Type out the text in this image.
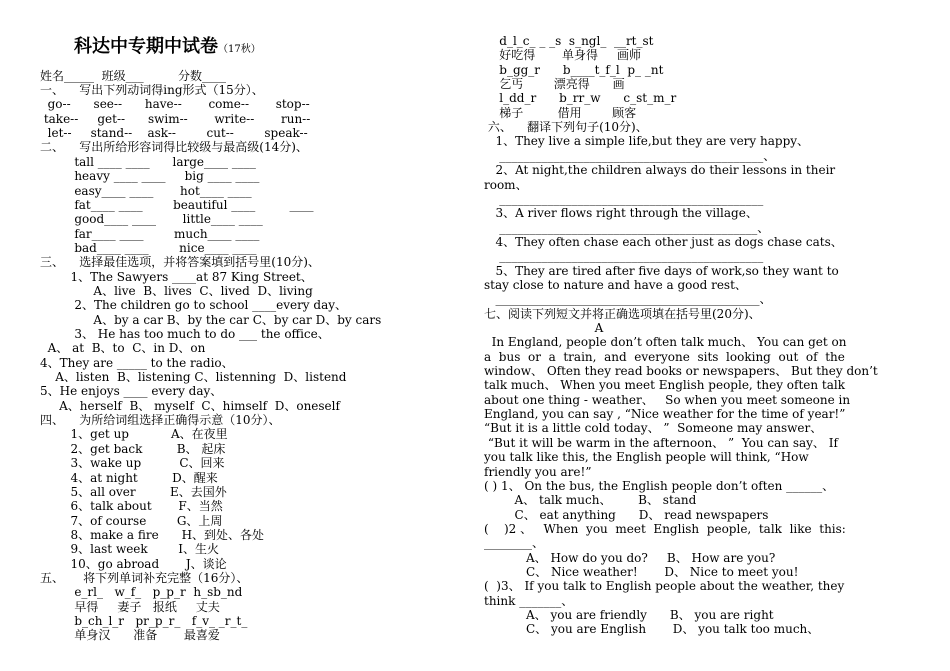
科达中专期中试卷（17秋）
姓名_____  班级___         分数____
一、    写出下列动词得ing形式（15分）、
go--      see--      have--       come--       stop--
take--     get--      swim--       write--       run--
let--     stand--    ask--        cut--        speak--
二、    写出所给形容词得比较级与最高级(14分)、
tall ____ ____      large____ ____
heavy ____ ____     big ____ ____
easy____ ____       hot____ ____
fat____ ____        beautiful ____         ____
good____ ____       little____ ____
far____ ____        much____ ____
bad____ ____        nice____ ____
三、    选择最佳选项，并将答案填到括号里(10分)、
1、The Sawyers ____at 87 King Street、
A、live  B、lives  C、lived  D、living
2、The children go to school ____every day、
A、by a car B、by the car C、by car D、by cars
3、 He has too much to do ___ the office、
A、 at  B、to  C、in D、on
4、They are _____ to the radio、
A、listen  B、listening C、listenning  D、listend
5、He enjoys ____ every day、
A、herself  B、 myself  C、himself  D、oneself
四、    为所给词组选择正确得示意（10分）、
1、get up           A、在夜里
2、get back         B、 起床
3、wake up          C、回来
4、at night         D、醒来
5、all over         E、去国外
6、talk about       F、当然
7、of course        G、上周
8、make a fire      H、到处、各处
9、last week        I、生火
10、go abroad       J、谈论
五、     将下列单词补充完整（16分）、
e_rl_   w_f_   p_p_r  h_sb_nd
早得     妻子   报纸     丈夫
b_ch_l_r   pr_p_r_   f_v_ _r_t_
单身汉      准备       最喜爱
d_l_c_ _ _s  s_ngl_  __rt_st
好吃得       单身得     画师
b_gg_r      b____t_f_l  p_ _nt
乞丐        漂亮得      画
l_dd_r      b_rr_w      c_st_m_r
梯子         借用        顾客
六、    翻译下列句子(10分)、
1、They live a simple life,but they are very happy、
____________________________________________、
2、At night,the children always do their lessons in their
room、
____________________________________________
3、A river flows right through the village、
___________________________________________、
4、They often chase each other just as dogs chase cats、
____________________________________________
5、They are tired after five days of work,so they want to
stay close to nature and have a good rest、
____________________________________________、
七、阅读下列短文并将正确选项填在括号里(20分)、
A
In England, people don’t often talk much、 You can get on
a  bus  or  a  train,  and  everyone  sits  looking  out  of  the
window、 Often they read books or newspapers、 But they don’t
talk much、 When you meet English people, they often talk
about one thing - weather、   So when you meet someone in
England, you can say , “Nice weather for the time of year!”
“But it is a little cold today、 ”  Someone may answer、
“But it will be warm in the afternoon、 ”  You can say、 If
you talk like this, the English people will think, “How
friendly you are!”
( ) 1、 On the bus, the English people don’t often ______、
A、 talk much、       B、 stand
C、 eat anything      D、 read newspapers
(    )2 、   When  you  meet  English  people,  talk  like  this:
________、
A、 How do you do?     B、 How are you?
C、 Nice weather!       D、 Nice to meet you!
(  )3、 If you talk to English people about the weather, they
think _______、
A、 you are friendly      B、 you are right
C、 you are English       D、 you talk too much、
